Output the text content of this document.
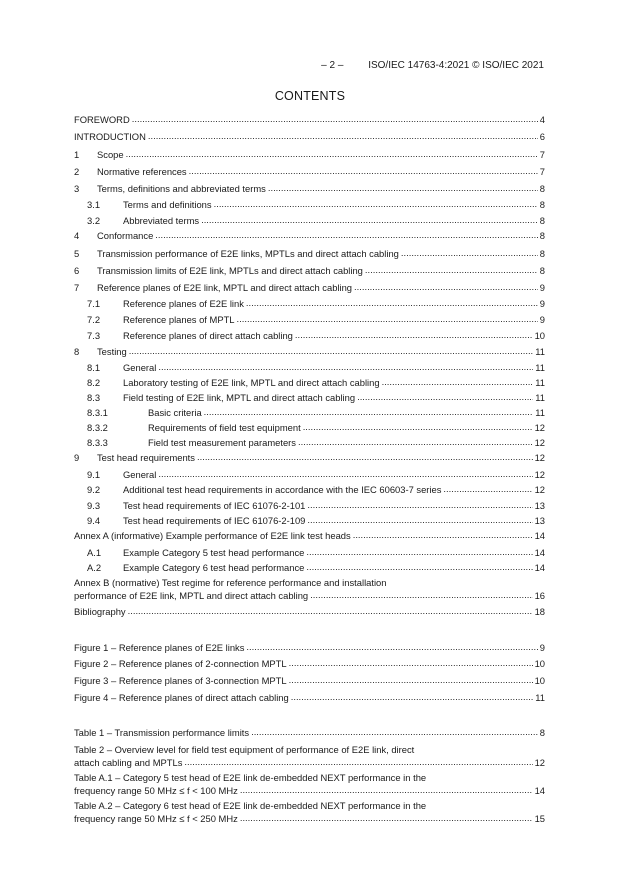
– 2 – ISO/IEC 14763-4:2021 © ISO/IEC 2021
CONTENTS
FOREWORD . . .	4
INTRODUCTION . . .	6
1	Scope . . .	7
2	Normative references . . .	7
3	Terms, definitions and abbreviated terms . . .	8
3.1	Terms and definitions . . .	8
3.2	Abbreviated terms . . .	8
4	Conformance . . .	8
5	Transmission performance of E2E links, MPTLs and direct attach cabling . . .	8
6	Transmission limits of E2E link, MPTLs and direct attach cabling . . .	8
7	Reference planes of E2E link, MPTL and direct attach cabling . . .	9
7.1	Reference planes of E2E link . . .	9
7.2	Reference planes of MPTL . . .	9
7.3	Reference planes of direct attach cabling . . .	10
8	Testing . . .	11
8.1	General . . .	11
8.2	Laboratory testing of E2E link, MPTL and direct attach cabling . . .	11
8.3	Field testing of E2E link, MPTL and direct attach cabling . . .	11
8.3.1	Basic criteria . . .	11
8.3.2	Requirements of field test equipment . . .	12
8.3.3	Field test measurement parameters . . .	12
9	Test head requirements . . .	12
9.1	General . . .	12
9.2	Additional test head requirements in accordance with the IEC 60603-7 series . . .	12
9.3	Test head requirements of IEC 61076-2-101 . . .	13
9.4	Test head requirements of IEC 61076-2-109 . . .	13
Annex A (informative) Example performance of E2E link test heads . . .	14
A.1	Example Category 5 test head performance . . .	14
A.2	Example Category 6 test head performance . . .	14
Annex B (normative) Test regime for reference performance and installation
performance of E2E link, MPTL and direct attach cabling . . .	16
Bibliography . . .	18
Figure 1 – Reference planes of E2E links . . .	9
Figure 2 – Reference planes of 2-connection MPTL . . .	10
Figure 3 – Reference planes of 3-connection MPTL . . .	10
Figure 4 – Reference planes of direct attach cabling . . .	11
Table 1 – Transmission performance limits . . .	8
Table 2 – Overview level for field test equipment of performance of E2E link, direct
attach cabling and MPTLs . . .	12
Table A.1 – Category 5 test head of E2E link de-embedded NEXT performance in the
frequency range 50 MHz ≤ f < 100 MHz . . .	14
Table A.2 – Category 6 test head of E2E link de-embedded NEXT performance in the
frequency range 50 MHz ≤ f < 250 MHz . . .	15
